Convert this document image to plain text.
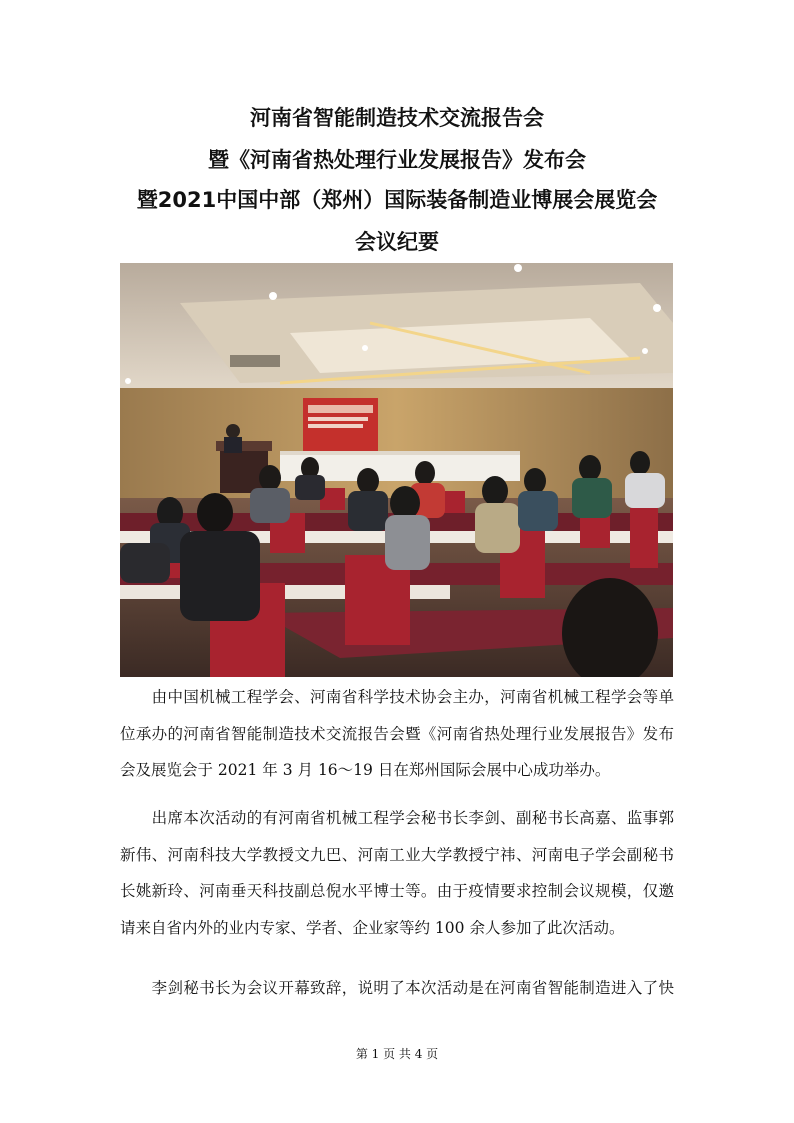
河南省智能制造技术交流报告会
暨《河南省热处理行业发展报告》发布会
暨2021中国中部（郑州）国际装备制造业博展会展览会
会议纪要
　　由中国机械工程学会、河南省科学技术协会主办，河南省机械工程学会等单
位承办的河南省智能制造技术交流报告会暨《河南省热处理行业发展报告》发布
会及展览会于 2021 年 3 月 16～19 日在郑州国际会展中心成功举办。
　　出席本次活动的有河南省机械工程学会秘书长李剑、副秘书长高嘉、监事郭
新伟、河南科技大学教授文九巴、河南工业大学教授宁祎、河南电子学会副秘书
长姚新玲、河南垂天科技副总倪水平博士等。由于疫情要求控制会议规模，仅邀
请来自省内外的业内专家、学者、企业家等约 100 余人参加了此次活动。
　　李剑秘书长为会议开幕致辞，说明了本次活动是在河南省智能制造进入了快
第 1 页 共 4 页
